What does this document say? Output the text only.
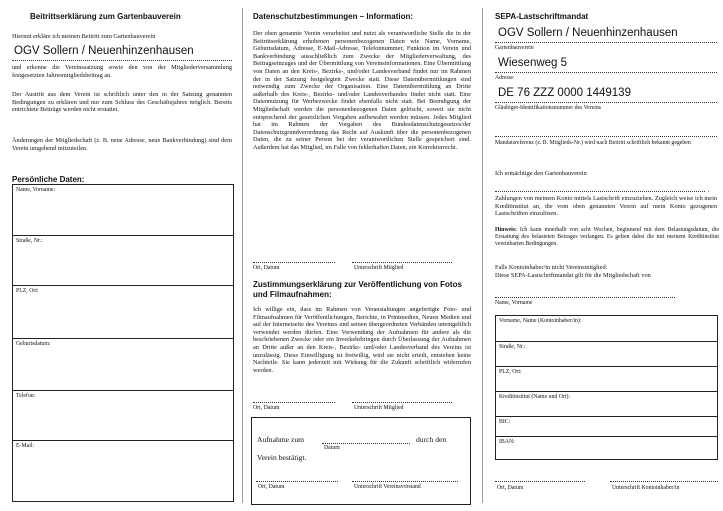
Beitrittserklärung zum Gartenbauverein
Hiermit erkläre ich meinen Beitritt zum Gartenbauverein
OGV Sollern / Neuenhinzenhausen
und erkenne die Vereinssatzung sowie den von der Mitgliederversammlung festgesetzten Jahresmitgliedsbeitrag an.
Der Austritt aus dem Verein ist schriftlich unter den in der Satzung genannten Bedingungen zu erklären und nur zum Schluss des Geschäftsjahres möglich. Bereits entrichtete Beiträge werden nicht erstattet.
Änderungen der Mitgliedschaft (z. B. neue Adresse, neue Bankverbindung) sind dem Verein umgehend mitzuteilen.
Persönliche Daten:
Name, Vorname:
Straße, Nr.:
PLZ, Ort:
Geburtsdatum:
Telefon:
E-Mail:
Datenschutzbestimmungen – Information:
Der oben genannte Verein verarbeitet und nutzt als verantwortliche Stelle die in der Beitrittserklärung erhobenen personenbezogenen Daten wie Name, Vorname, Geburtsdatum, Adresse, E-Mail-Adresse, Telefonnummer, Funktion im Verein und Bankverbindung ausschließlich zum Zwecke der Mitgliederverwaltung, des Beitragseinzuges und der Übermittlung von Vereinsinformationen. Eine Übermittlung von Daten an den Kreis-, Bezirks-, und/oder Landesverband findet nur im Rahmen der in der Satzung festgelegten Zwecke statt. Diese Datenübermittlungen sind notwendig zum Zwecke der Organisation. Eine Datenübermittlung an Dritte außerhalb des Kreis-, Bezirks- und/oder Landesverbandes findet nicht statt. Eine Datennutzung für Werbezwecke findet ebenfalls nicht statt. Bei Beendigung der Mitgliedschaft werden die personenbezogenen Daten gelöscht, soweit sie nicht entsprechend der gesetzlichen Vorgaben aufbewahrt werden müssen. Jedes Mitglied hat im Rahmen der Vorgaben des Bundesdatenschutzgesetzes/der Datenschutzgrundverordnung das Recht auf Auskunft über die personenbezogenen Daten, die zu seiner Person bei der verantwortlichen Stelle gespeichert sind. Außerdem hat das Mitglied, im Falle von fehlerhaften Daten, ein Korrekturrecht.
Ort, Datum	Unterschrift Mitglied
Zustimmungserklärung zur Veröffentlichung von Fotos und Filmaufnahmen:
Ich willige ein, dass im Rahmen von Veranstaltungen angefertigte Foto- und Filmaufnahmen für Veröffentlichungen, Berichte, in Printmedien, Neuen Medien und auf der Internetseite des Vereines und seinen übergeordneten Verbänden unentgeltlich verwendet werden dürfen. Eine Verwendung der Aufnahmen für andere als die beschriebenen Zwecke oder ein Inverkehrbringen durch Überlassung der Aufnahmen an Dritte außer an den Kreis-, Bezirks- und/oder Landesverband des Vereins ist unzulässig. Diese Einwilligung ist freiwillig, wird sie nicht erteilt, entstehen keine Nachteile. Sie kann jederzeit mit Wirkung für die Zukunft schriftlich widerrufen werden.
Ort, Datum	Unterschrift Mitglied
Aufnahme zum	durch den
Datum
Verein bestätigt.
Ort, Datum	Unterschrift Vereinsvorstand
SEPA-Lastschriftmandat
OGV Sollern / Neuenhinzenhausen
Gartenbauverein
Wiesenweg 5
Adresse
DE 76 ZZZ 0000 1449139
Gläubiger-Identifikationsnummer des Vereins
Mandatsreferenz (z. B. Mitglieds-Nr.) wird nach Beitritt schriftlich bekannt gegeben
Ich ermächtige den Gartenbauverein
,
Zahlungen von meinem Konto mittels Lastschrift einzuziehen. Zugleich weise ich mein Kreditinstitut an, die vom oben genannten Verein auf mein Konto gezogenen Lastschriften einzulösen.
Hinweis: Ich kann innerhalb von acht Wochen, beginnend mit dem Belastungsdatum, die Erstattung des belasteten Betrages verlangen. Es gelten dabei die mit meinem Kreditinstitut vereinbarten Bedingungen.
Falls Kontoinhaber/in nicht Vereinsmitglied:
Diese SEPA-Lastschriftmandat gilt für die Mitgliedschaft von
Name, Vorname
Vorname, Name (Kontoinhaber/in):
Straße, Nr.:
PLZ, Ort:
Kreditinstitut (Name und Ort):
BIC:
IBAN:
Ort, Datum	Unterschrift Kontoinhaber/in
